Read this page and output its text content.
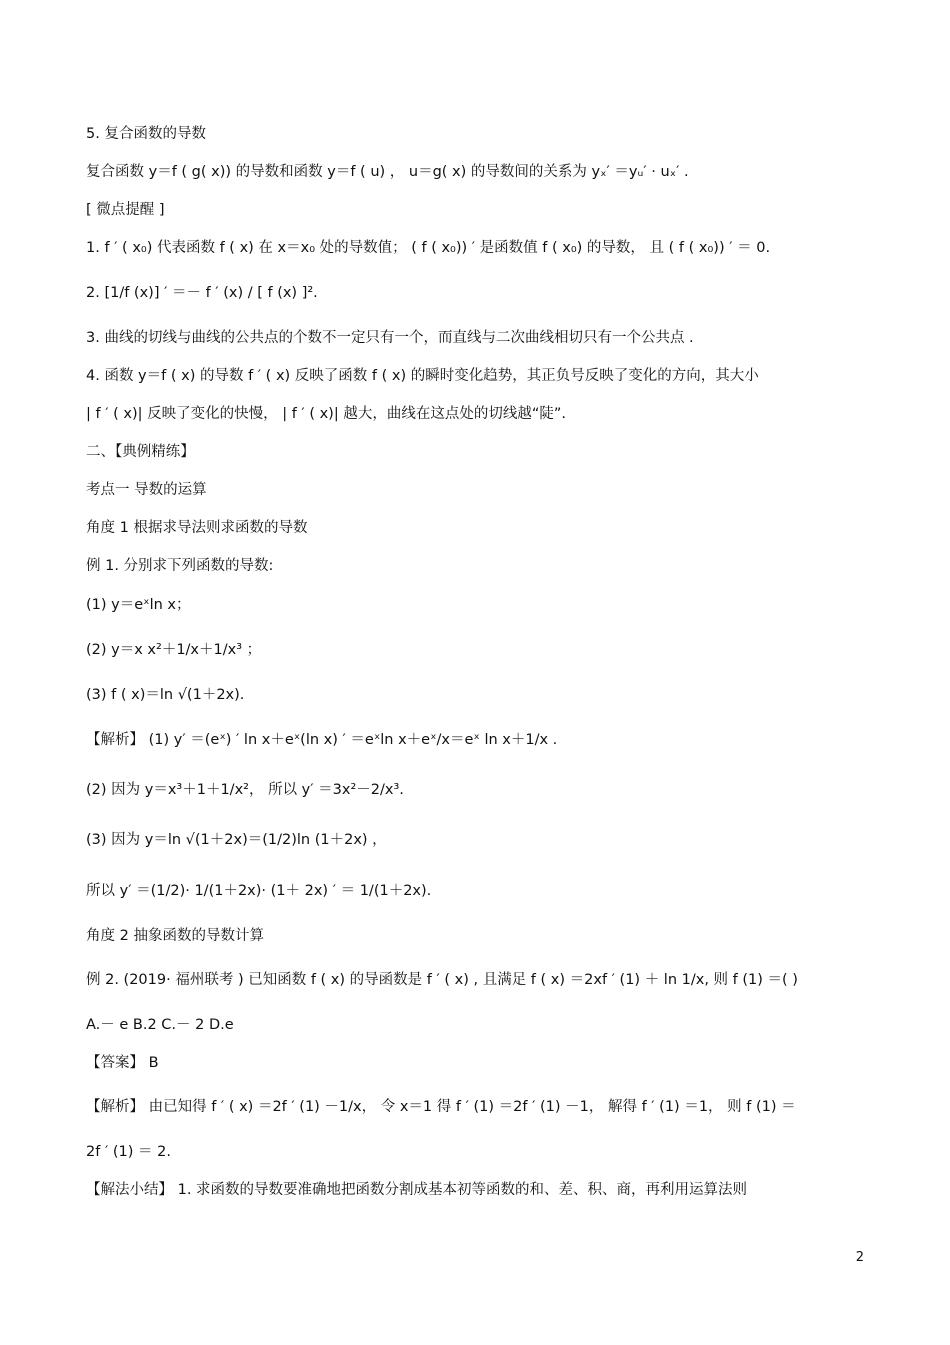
5. 复合函数的导数
复合函数 y＝f ( g( x)) 的导数和函数 y＝f ( u) ， u＝g( x) 的导数间的关系为 yₓ′ ＝yᵤ′ · uₓ′ .
[ 微点提醒 ]
1. f ′ ( x₀) 代表函数 f ( x) 在 x＝x₀ 处的导数值； ( f ( x₀)) ′ 是函数值 f ( x₀) 的导数， 且 ( f ( x₀)) ′ ＝ 0.
2. [1/f (x)] ′ ＝－ f ′ (x) / [ f (x) ]².
3. 曲线的切线与曲线的公共点的个数不一定只有一个，而直线与二次曲线相切只有一个公共点 .
4. 函数 y＝f ( x) 的导数 f ′ ( x) 反映了函数 f ( x) 的瞬时变化趋势，其正负号反映了变化的方向，其大小
| f ′ ( x)| 反映了变化的快慢， | f ′ ( x)| 越大，曲线在这点处的切线越“陡”.
二、【典例精练】
考点一 导数的运算
角度 1 根据求导法则求函数的导数
例 1. 分别求下列函数的导数:
(1) y＝eˣln x；
(2) y＝x x²＋1/x＋1/x³ ；
(3) f ( x)＝ln √(1＋2x).
【解析】 (1) y′ ＝(eˣ) ′ ln x＋eˣ(ln x) ′ ＝eˣln x＋eˣ/x＝eˣ ln x＋1/x .
(2) 因为 y＝x³＋1＋1/x²， 所以 y′ ＝3x²－2/x³.
(3) 因为 y＝ln √(1＋2x)＝(1/2)ln (1＋2x) ，
所以 y′ ＝(1/2)· 1/(1＋2x)· (1＋ 2x) ′ ＝ 1/(1＋2x).
角度 2 抽象函数的导数计算
例 2. (2019· 福州联考 ) 已知函数 f ( x) 的导函数是 f ′ ( x) , 且满足 f ( x) ＝2xf ′ (1) ＋ ln 1/x, 则 f (1) ＝( )
A.－ e B.2 C.－ 2 D.e
【答案】 B
【解析】 由已知得 f ′ ( x) ＝2f ′ (1) －1/x， 令 x＝1 得 f ′ (1) ＝2f ′ (1) －1， 解得 f ′ (1) ＝1， 则 f (1) ＝
2f ′ (1) ＝ 2.
【解法小结】 1. 求函数的导数要准确地把函数分割成基本初等函数的和、差、积、商，再利用运算法则
2
